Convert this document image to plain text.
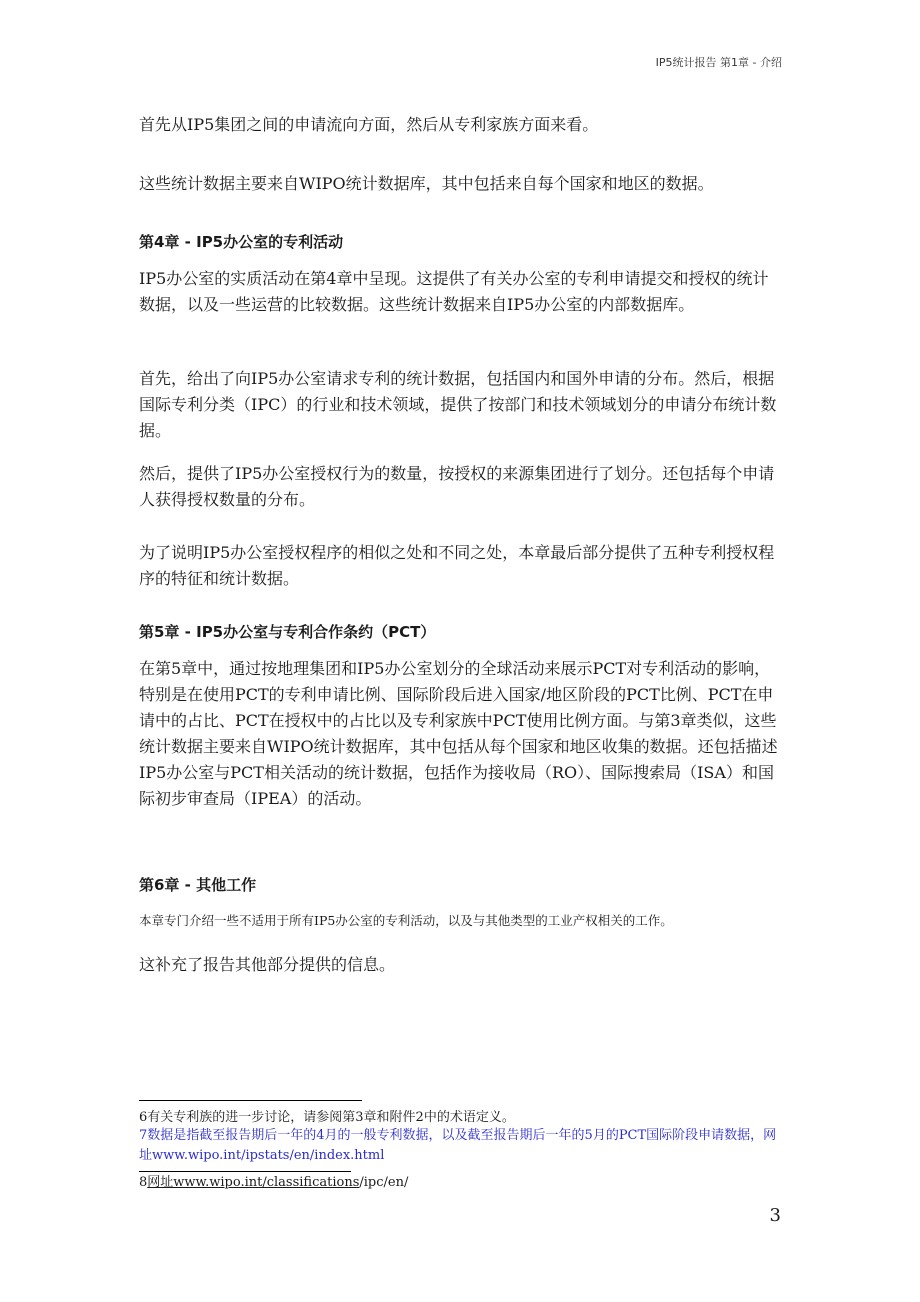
IP5统计报告 第1章 - 介绍

首先从IP5集团之间的申请流向方面，然后从专利家族方面来看。

这些统计数据主要来自WIPO统计数据库，其中包括来自每个国家和地区的数据。

第4章 - IP5办公室的专利活动

IP5办公室的实质活动在第4章中呈现。这提供了有关办公室的专利申请提交和授权的统计数据，以及一些运营的比较数据。这些统计数据来自IP5办公室的内部数据库。

首先，给出了向IP5办公室请求专利的统计数据，包括国内和国外申请的分布。然后，根据国际专利分类（IPC）的行业和技术领域，提供了按部门和技术领域划分的申请分布统计数据。

然后，提供了IP5办公室授权行为的数量，按授权的来源集团进行了划分。还包括每个申请人获得授权数量的分布。

为了说明IP5办公室授权程序的相似之处和不同之处，本章最后部分提供了五种专利授权程序的特征和统计数据。

第5章 - IP5办公室与专利合作条约（PCT）

在第5章中，通过按地理集团和IP5办公室划分的全球活动来展示PCT对专利活动的影响，特别是在使用PCT的专利申请比例、国际阶段后进入国家/地区阶段的PCT比例、PCT在申请中的占比、PCT在授权中的占比以及专利家族中PCT使用比例方面。与第3章类似，这些统计数据主要来自WIPO统计数据库，其中包括从每个国家和地区收集的数据。还包括描述IP5办公室与PCT相关活动的统计数据，包括作为接收局（RO）、国际搜索局（ISA）和国际初步审查局（IPEA）的活动。

第6章 - 其他工作

本章专门介绍一些不适用于所有IP5办公室的专利活动，以及与其他类型的工业产权相关的工作。

这补充了报告其他部分提供的信息。

6有关专利族的进一步讨论，请参阅第3章和附件2中的术语定义。

7数据是指截至报告期后一年的4月的一般专利数据，以及截至报告期后一年的5月的PCT国际阶段申请数据，网址www.wipo.int/ipstats/en/index.html

8网址www.wipo.int/classifications/ipc/en/

3
